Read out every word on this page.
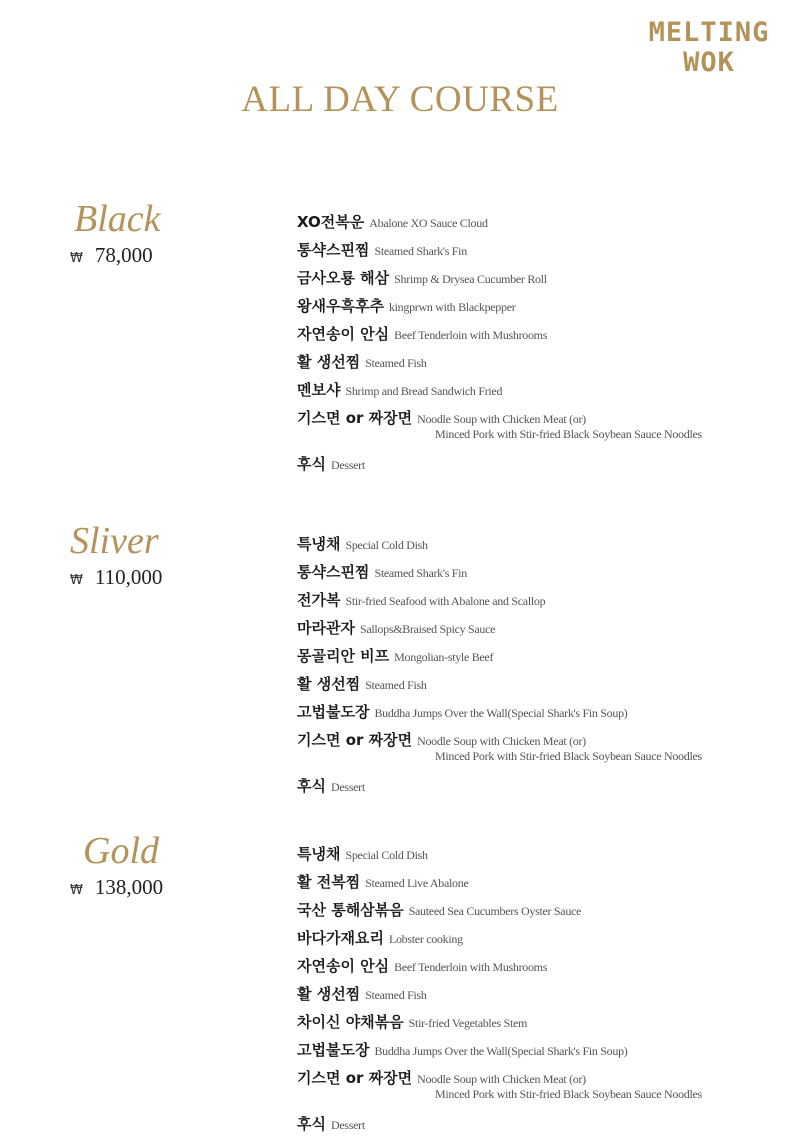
MELTING
WOK
ALL DAY COURSE
Black
₩ 78,000
XO전복운 Abalone XO Sauce Cloud
통샥스핀찜 Steamed Shark's Fin
금사오룡 해삼 Shrimp & Drysea Cucumber Roll
왕새우흑후추 kingprwn with Blackpepper
자연송이 안심 Beef Tenderloin with Mushrooms
활 생선찜 Steamed Fish
멘보샤 Shrimp and Bread Sandwich Fried
기스면 or 짜장면 Noodle Soup with Chicken Meat (or)
Minced Pork with Stir-fried Black Soybean Sauce Noodles
후식 Dessert
Sliver
₩ 110,000
특냉채 Special Cold Dish
통샥스핀찜 Steamed Shark's Fin
전가복 Stir-fried Seafood with Abalone and Scallop
마라관자 Sallops&Braised Spicy Sauce
몽골리안 비프 Mongolian-style Beef
활 생선찜 Steamed Fish
고법불도장 Buddha Jumps Over the Wall(Special Shark's Fin Soup)
기스면 or 짜장면 Noodle Soup with Chicken Meat (or)
Minced Pork with Stir-fried Black Soybean Sauce Noodles
후식 Dessert
Gold
₩ 138,000
특냉채 Special Cold Dish
활 전복찜 Steamed Live Abalone
국산 통해삼볶음 Sauteed Sea Cucumbers Oyster Sauce
바다가재요리 Lobster cooking
자연송이 안심 Beef Tenderloin with Mushrooms
활 생선찜 Steamed Fish
차이신 야채볶음 Stir-fried Vegetables Stem
고법불도장 Buddha Jumps Over the Wall(Special Shark's Fin Soup)
기스면 or 짜장면 Noodle Soup with Chicken Meat (or)
Minced Pork with Stir-fried Black Soybean Sauce Noodles
후식 Dessert
